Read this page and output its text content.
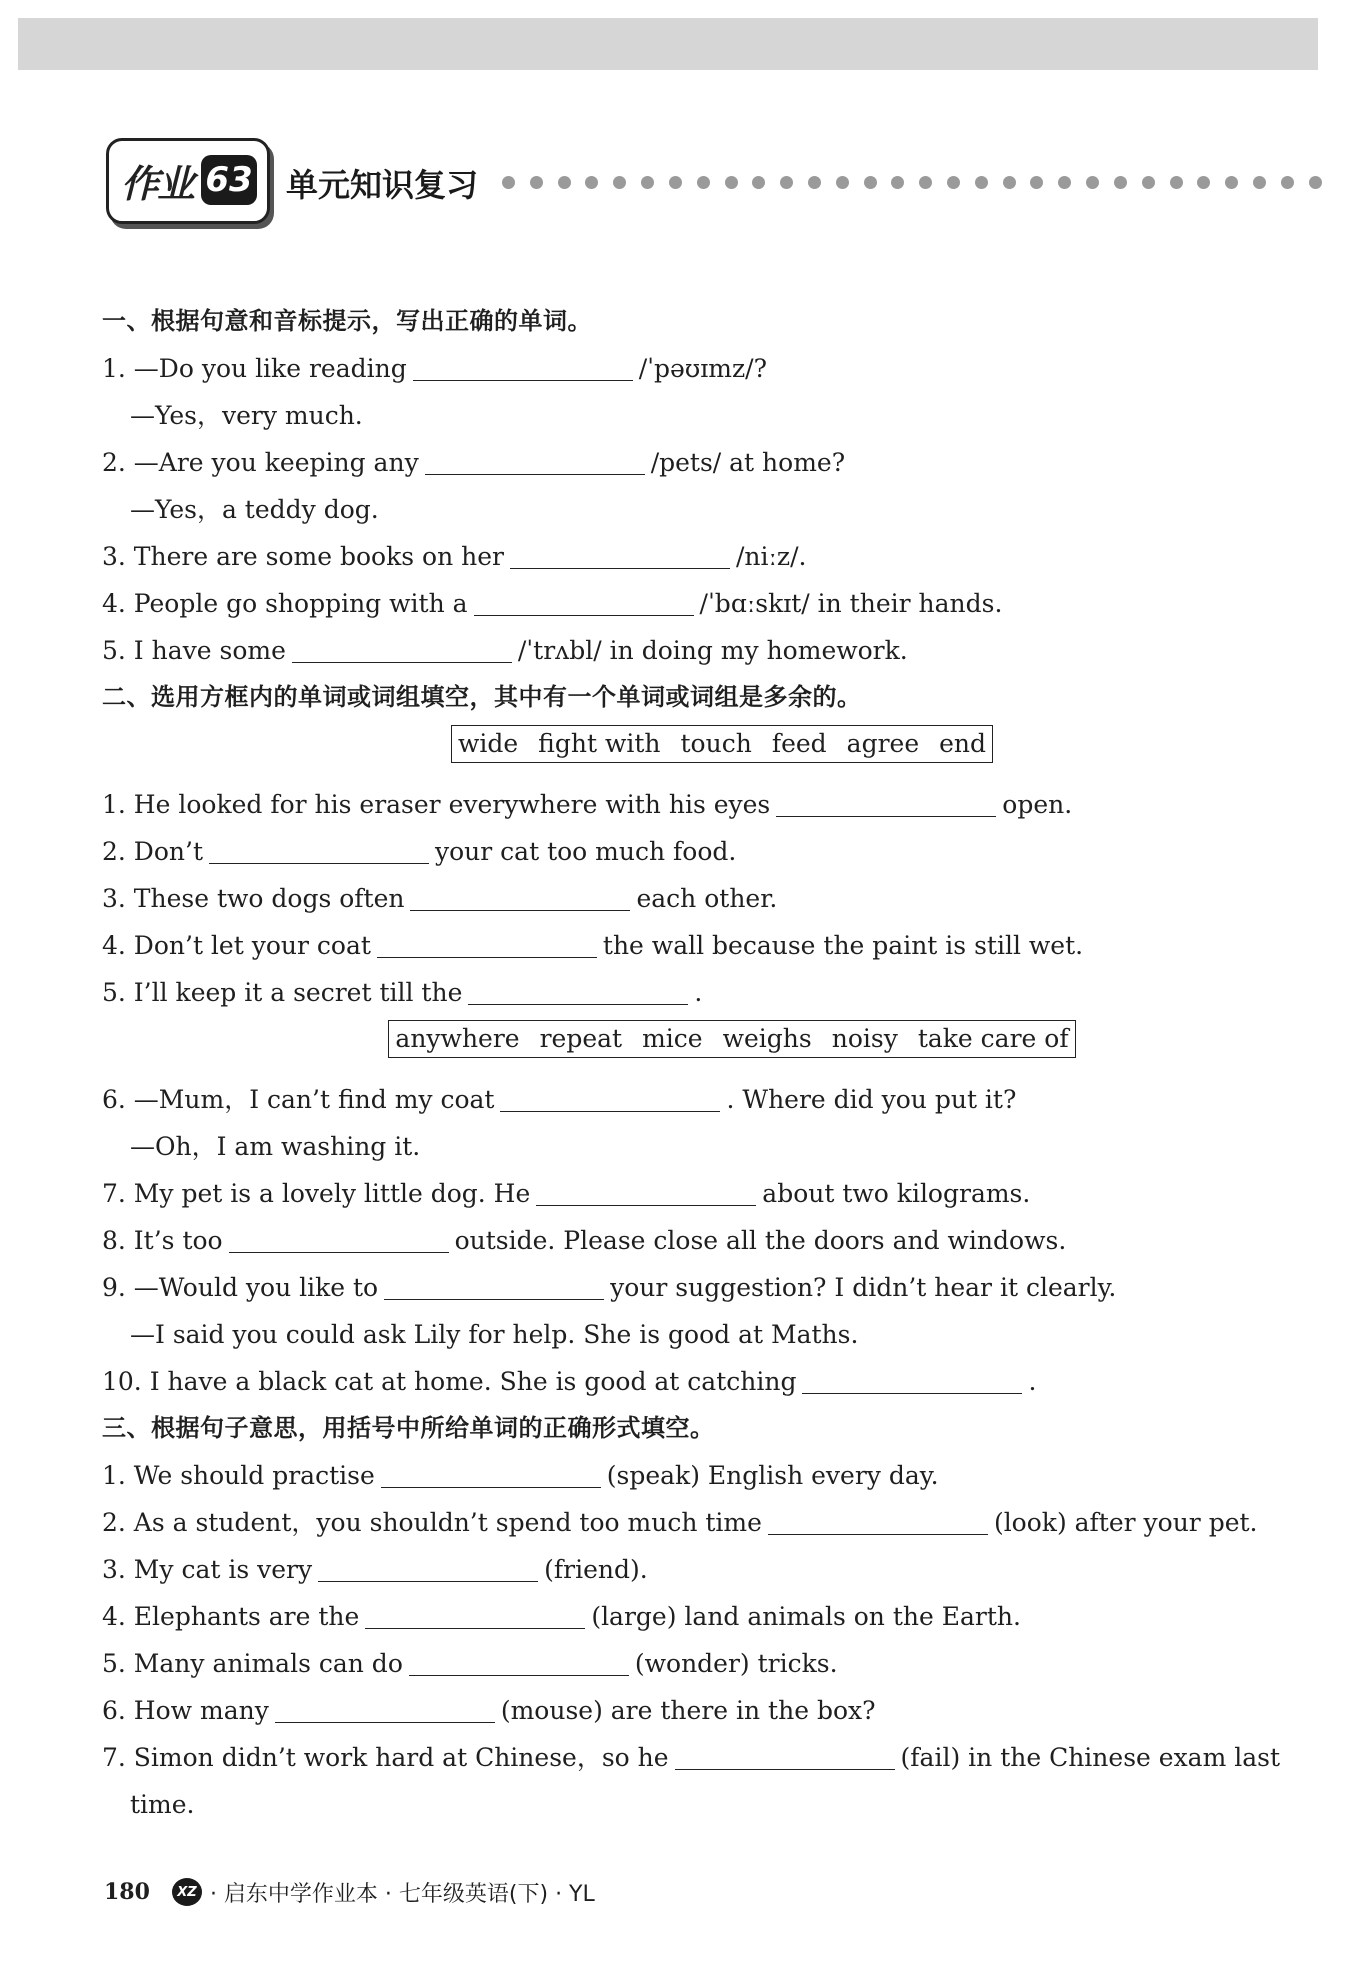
作业 63 单元知识复习
一、根据句意和音标提示，写出正确的单词。
1. —Do you like reading	/ˈpəʊɪmz/?
—Yes，very much.
2. —Are you keeping any	/pets/ at home?
—Yes，a teddy dog.
3. There are some books on her	/niːz/.
4. People go shopping with a	/ˈbɑːskɪt/ in their hands.
5. I have some	/ˈtrʌbl/ in doing my homework.
二、选用方框内的单词或词组填空，其中有一个单词或词组是多余的。
wide fight with touch feed agree end
1. He looked for his eraser everywhere with his eyes	open.
2. Don’t	your cat too much food.
3. These two dogs often	each other.
4. Don’t let your coat	the wall because the paint is still wet.
5. I’ll keep it a secret till the	.
anywhere repeat mice weighs noisy take care of
6. —Mum，I can’t find my coat	. Where did you put it?
—Oh，I am washing it.
7. My pet is a lovely little dog. He	about two kilograms.
8. It’s too	outside. Please close all the doors and windows.
9. —Would you like to	your suggestion? I didn’t hear it clearly.
—I said you could ask Lily for help. She is good at Maths.
10. I have a black cat at home. She is good at catching	.
三、根据句子意思，用括号中所给单词的正确形式填空。
1. We should practise	(speak) English every day.
2. As a student，you shouldn’t spend too much time	(look) after your pet.
3. My cat is very	(friend).
4. Elephants are the	(large) land animals on the Earth.
5. Many animals can do	(wonder) tricks.
6. How many	(mouse) are there in the box?
7. Simon didn’t work hard at Chinese，so he	(fail) in the Chinese exam last
time.
180	XZ · 启东中学作业本 · 七年级英语(下) · YL
